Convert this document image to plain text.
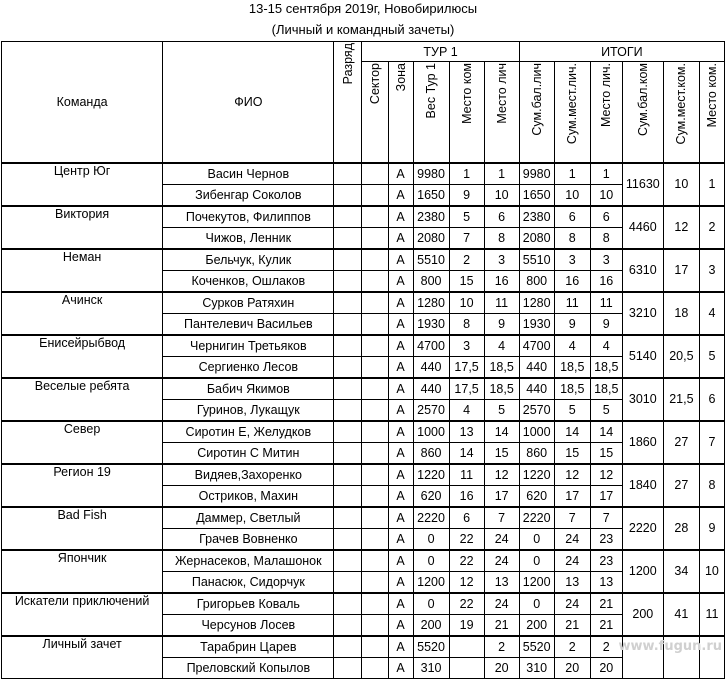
13-15 сентября 2019г, Новобирилюсы
(Личный и командный зачеты)
Команда	ФИО	Разряд	ТУР 1					ИТОГИ					
			Сектор	Зона	Вес Тур 1	Место ком	Место лич	Сум.бал.лич	Сум.мест.лич.	Место лич.	Сум.бал.ком	Сум.мест.ком.	Место ком.
Центр Юг	Васин Чернов			А	9980	1	1	9980	1	1	11630	10	1
	Зибенгар Соколов			А	1650	9	10	1650	10	10			
Виктория	Почекутов, Филиппов			А	2380	5	6	2380	6	6	4460	12	2
	Чижов, Ленник			А	2080	7	8	2080	8	8			
Неман	Бельчук, Кулик			А	5510	2	3	5510	3	3	6310	17	3
	Коченков, Ошлаков			А	800	15	16	800	16	16			
Ачинск	Сурков Ратяхин			А	1280	10	11	1280	11	11	3210	18	4
	Пантелевич Васильев			А	1930	8	9	1930	9	9			
Енисейрыбвод	Чернигин Третьяков			А	4700	3	4	4700	4	4	5140	20,5	5
	Сергиенко Лесов			А	440	17,5	18,5	440	18,5	18,5			
Веселые ребята	Бабич Якимов			А	440	17,5	18,5	440	18,5	18,5	3010	21,5	6
	Гуринов, Лукащук			А	2570	4	5	2570	5	5			
Север	Сиротин Е, Желудков			А	1000	13	14	1000	14	14	1860	27	7
	Сиротин С Митин			А	860	14	15	860	15	15			
Регион 19	Видяев,Захоренко			А	1220	11	12	1220	12	12	1840	27	8
	Остриков, Махин			А	620	16	17	620	17	17			
Bad Fish	Даммер, Светлый			А	2220	6	7	2220	7	7	2220	28	9
	Грачев Вовненко			А	0	22	24	0	24	23			
Япончик	Жернасеков, Малашонок			А	0	22	24	0	24	23	1200	34	10
	Панасюк, Сидорчук			А	1200	12	13	1200	13	13			
Искатели приключений	Григорьев Коваль			А	0	22	24	0	24	21	200	41	11
	Черсунов Лосев			А	200	19	21	200	21	21			
Личный зачет	Тарабрин Царев			А	5520		2	5520	2	2			
	Преловский Копылов			А	310		20	310	20	20			
www.fugun.ru
